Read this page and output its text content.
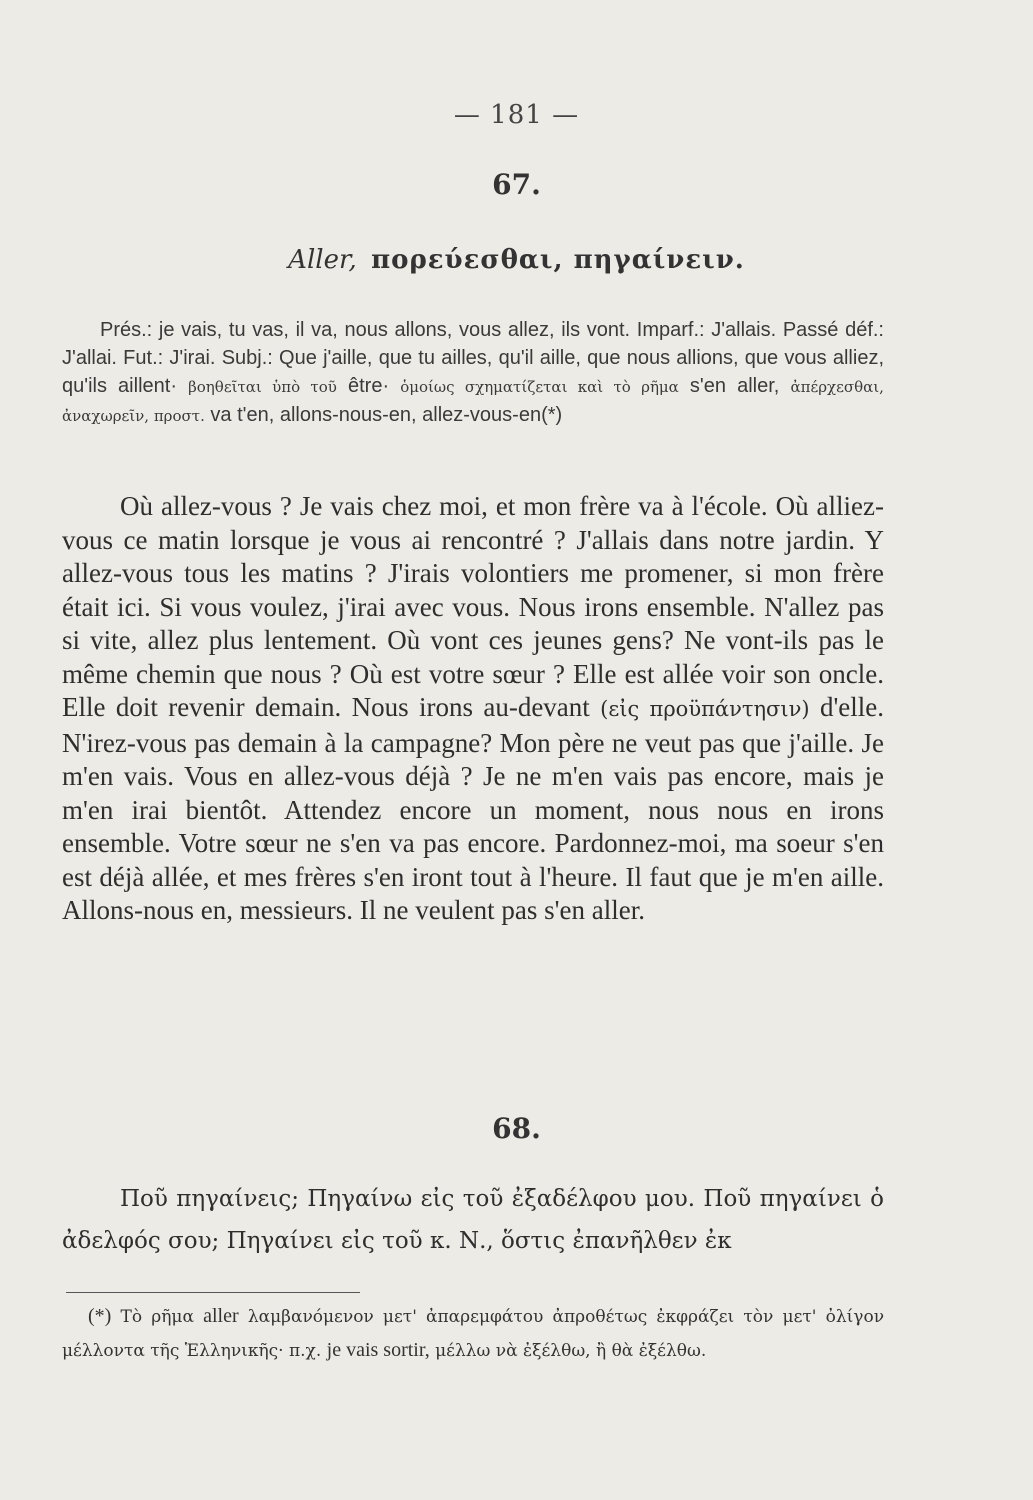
— 181 —
67.
Aller, πορεύεσθαι, πηγαίνειν.
Prés.: je vais, tu vas, il va, nous allons, vous allez, ils vont. Imparf.: J'allais. Passé déf.: J'allai. Fut.: J'irai. Subj.: Que j'aille, que tu ailles, qu'il aille, que nous allions, que vous alliez, qu'ils aillent· βοηθεῖται ὑπὸ τοῦ être· ὁμοίως σχηματίζεται καὶ τὸ ρῆμα s'en aller, ἀπέρχεσθαι, ἀναχωρεῖν, προστ. va t'en, allons-nous-en, allez-vous-en(*)
Où allez-vous ? Je vais chez moi, et mon frère va à l'école. Où alliez-vous ce matin lorsque je vous ai rencontré ? J'allais dans notre jardin. Y allez-vous tous les matins ? J'irais volontiers me promener, si mon frère était ici. Si vous voulez, j'irai avec vous. Nous irons ensemble. N'allez pas si vite, allez plus lentement. Où vont ces jeunes gens? Ne vont-ils pas le même chemin que nous ? Où est votre sœur ? Elle est allée voir son oncle. Elle doit revenir demain. Nous irons au-devant (εἰς προϋπάντησιν) d'elle. N'irez-vous pas demain à la campagne? Mon père ne veut pas que j'aille. Je m'en vais. Vous en allez-vous déjà ? Je ne m'en vais pas encore, mais je m'en irai bientôt. Attendez encore un moment, nous nous en irons ensemble. Votre sœur ne s'en va pas encore. Pardonnez-moi, ma soeur s'en est déjà allée, et mes frères s'en iront tout à l'heure. Il faut que je m'en aille. Allons-nous en, messieurs. Il ne veulent pas s'en aller.
68.
Ποῦ πηγαίνεις; Πηγαίνω εἰς τοῦ ἐξαδέλφου μου. Ποῦ πηγαίνει ὁ ἀδελφός σου; Πηγαίνει εἰς τοῦ κ. Ν., ὅστις ἐπανῆλθεν ἐκ
(*) Τὸ ρῆμα aller λαμβανόμενον μετ' ἀπαρεμφάτου ἀπροθέτως ἐκφράζει τὸν μετ' ὀλίγον μέλλοντα τῆς Ἑλληνικῆς· π.χ. je vais sortir, μέλλω νὰ ἐξέλθω, ἢ θὰ ἐξέλθω.
